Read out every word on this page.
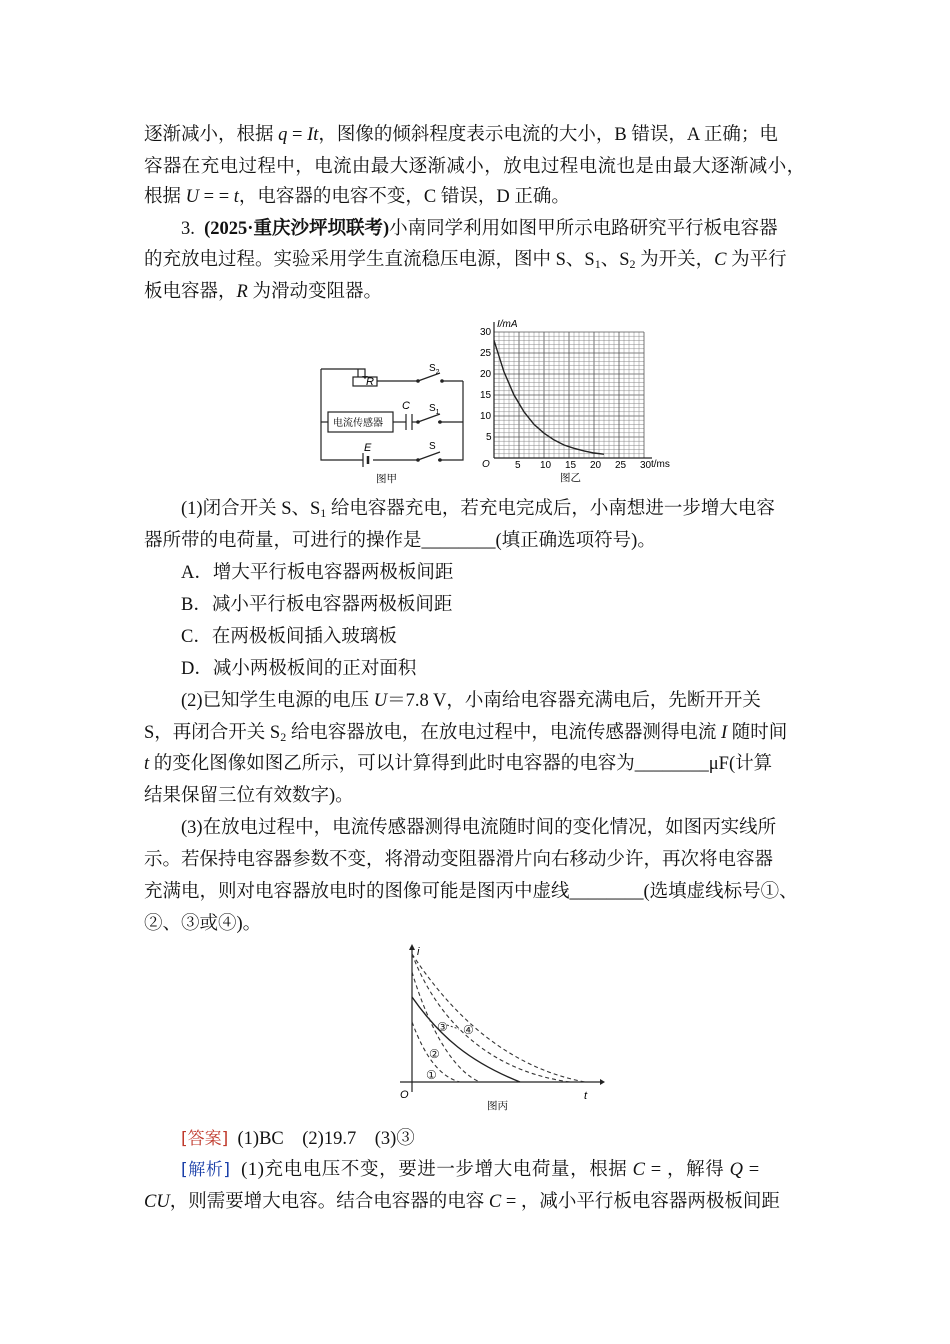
逐渐减小，根据 q = It，图像的倾斜程度表示电流的大小，B 错误，A 正确；电
容器在充电过程中，电流由最大逐渐减小，放电过程电流也是由最大逐渐减小，
根据 U = = t，电容器的电容不变，C 错误，D 正确。
3. (2025·重庆沙坪坝联考)小南同学利用如图甲所示电路研究平行板电容器
的充放电过程。实验采用学生直流稳压电源，图中 S、$S_1$、$S_2$ 为开关，C 为平行
板电容器，R 为滑动变阻器。
电流传感器
R
C
E
$S_2$
$S_1$
S
图甲
5 10 15 20 25 30
5
10
15
20
25
30
I/mA
t/ms
O
图乙
(1)闭合开关 S、$S_1$ 给电容器充电，若充电完成后，小南想进一步增大电容
器所带的电荷量，可进行的操作是________(填正确选项符号)。
A．增大平行板电容器两极板间距
B．减小平行板电容器两极板间距
C．在两极板间插入玻璃板
D．减小两极板间的正对面积
(2)已知学生电源的电压 U＝7.8 V，小南给电容器充满电后，先断开开关
S，再闭合开关 $S_2$ 给电容器放电，在放电过程中，电流传感器测得电流 I 随时间
t 的变化图像如图乙所示，可以计算得到此时电容器的电容为________μF(计算
结果保留三位有效数字)。
(3)在放电过程中，电流传感器测得电流随时间的变化情况，如图丙实线所
示。若保持电容器参数不变，将滑动变阻器滑片向右移动少许，再次将电容器
充满电，则对电容器放电时的图像可能是图丙中虚线________(选填虚线标号①、
②、③或④)。
①
②
③ ④
i
t
O
图丙
[答案] (1)BC　(2)19.7　(3)③
[解析] (1)充电电压不变，要进一步增大电荷量，根据 C = ，解得 Q =
CU，则需要增大电容。结合电容器的电容 C = ，减小平行板电容器两极板间距
